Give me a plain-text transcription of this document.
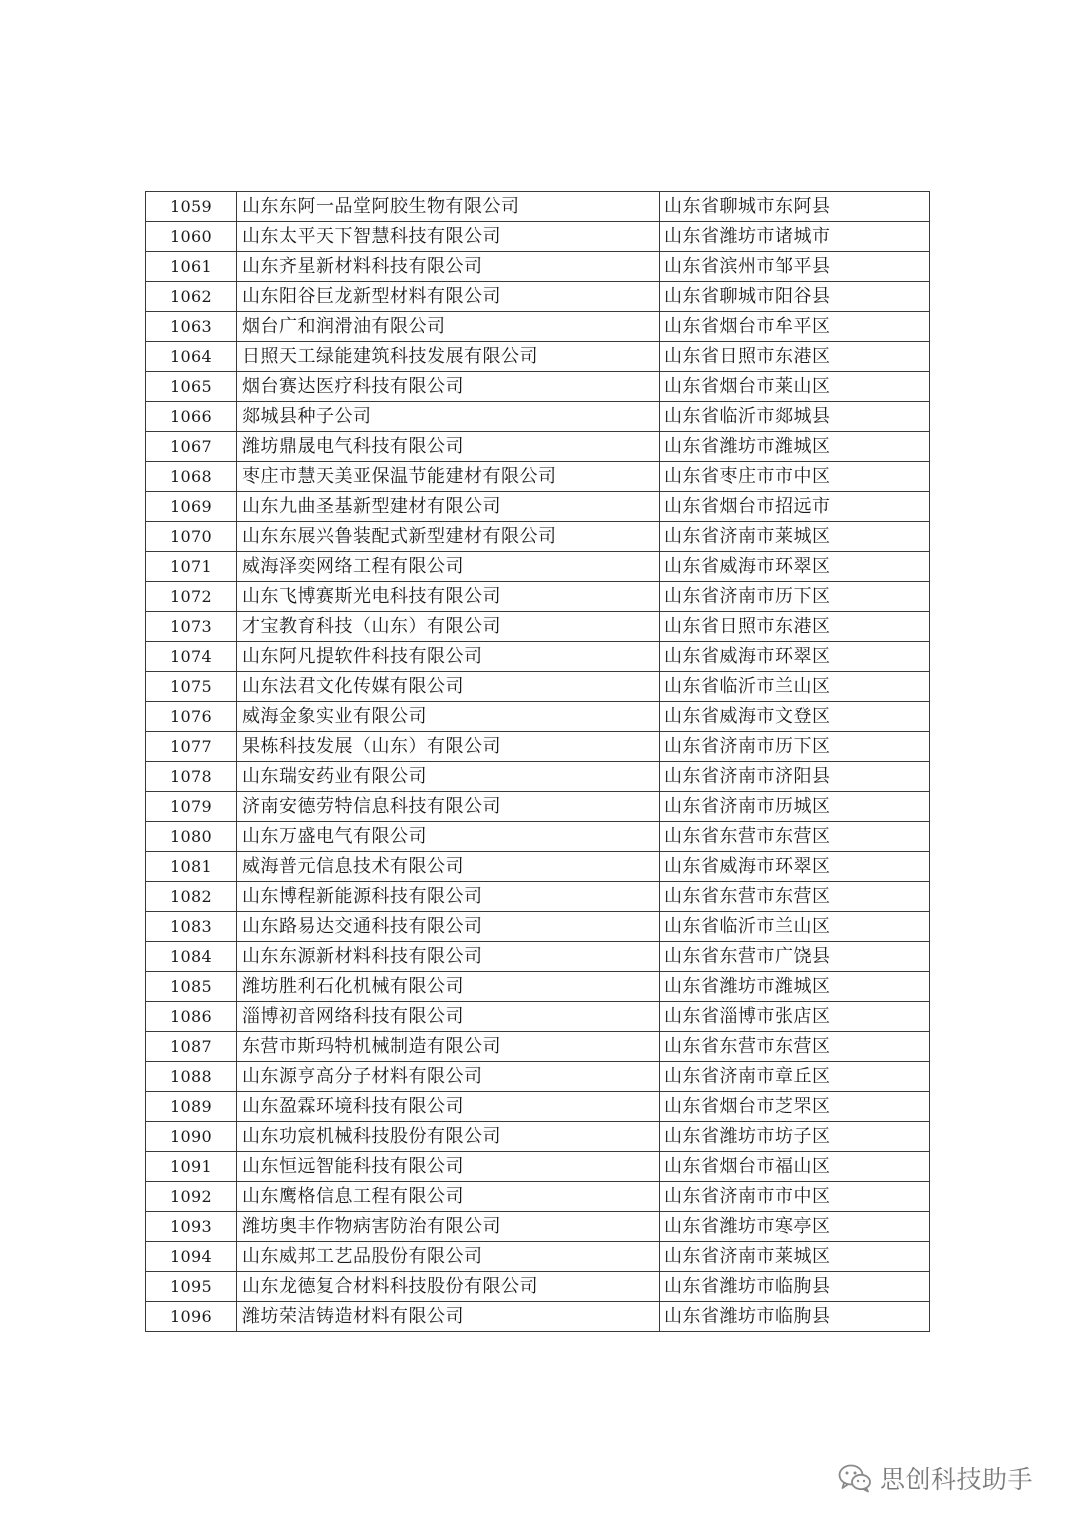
1059	山东东阿一品堂阿胶生物有限公司	山东省聊城市东阿县
1060	山东太平天下智慧科技有限公司	山东省潍坊市诸城市
1061	山东齐星新材料科技有限公司	山东省滨州市邹平县
1062	山东阳谷巨龙新型材料有限公司	山东省聊城市阳谷县
1063	烟台广和润滑油有限公司	山东省烟台市牟平区
1064	日照天工绿能建筑科技发展有限公司	山东省日照市东港区
1065	烟台赛达医疗科技有限公司	山东省烟台市莱山区
1066	郯城县种子公司	山东省临沂市郯城县
1067	潍坊鼎晟电气科技有限公司	山东省潍坊市潍城区
1068	枣庄市慧天美亚保温节能建材有限公司	山东省枣庄市市中区
1069	山东九曲圣基新型建材有限公司	山东省烟台市招远市
1070	山东东展兴鲁装配式新型建材有限公司	山东省济南市莱城区
1071	威海泽奕网络工程有限公司	山东省威海市环翠区
1072	山东飞博赛斯光电科技有限公司	山东省济南市历下区
1073	才宝教育科技（山东）有限公司	山东省日照市东港区
1074	山东阿凡提软件科技有限公司	山东省威海市环翠区
1075	山东法君文化传媒有限公司	山东省临沂市兰山区
1076	威海金象实业有限公司	山东省威海市文登区
1077	果栋科技发展（山东）有限公司	山东省济南市历下区
1078	山东瑞安药业有限公司	山东省济南市济阳县
1079	济南安德劳特信息科技有限公司	山东省济南市历城区
1080	山东万盛电气有限公司	山东省东营市东营区
1081	威海普元信息技术有限公司	山东省威海市环翠区
1082	山东博程新能源科技有限公司	山东省东营市东营区
1083	山东路易达交通科技有限公司	山东省临沂市兰山区
1084	山东东源新材料科技有限公司	山东省东营市广饶县
1085	潍坊胜利石化机械有限公司	山东省潍坊市潍城区
1086	淄博初音网络科技有限公司	山东省淄博市张店区
1087	东营市斯玛特机械制造有限公司	山东省东营市东营区
1088	山东源亨高分子材料有限公司	山东省济南市章丘区
1089	山东盈霖环境科技有限公司	山东省烟台市芝罘区
1090	山东功宸机械科技股份有限公司	山东省潍坊市坊子区
1091	山东恒远智能科技有限公司	山东省烟台市福山区
1092	山东鹰格信息工程有限公司	山东省济南市市中区
1093	潍坊奥丰作物病害防治有限公司	山东省潍坊市寒亭区
1094	山东威邦工艺品股份有限公司	山东省济南市莱城区
1095	山东龙德复合材料科技股份有限公司	山东省潍坊市临朐县
1096	潍坊荣洁铸造材料有限公司	山东省潍坊市临朐县
思创科技助手
